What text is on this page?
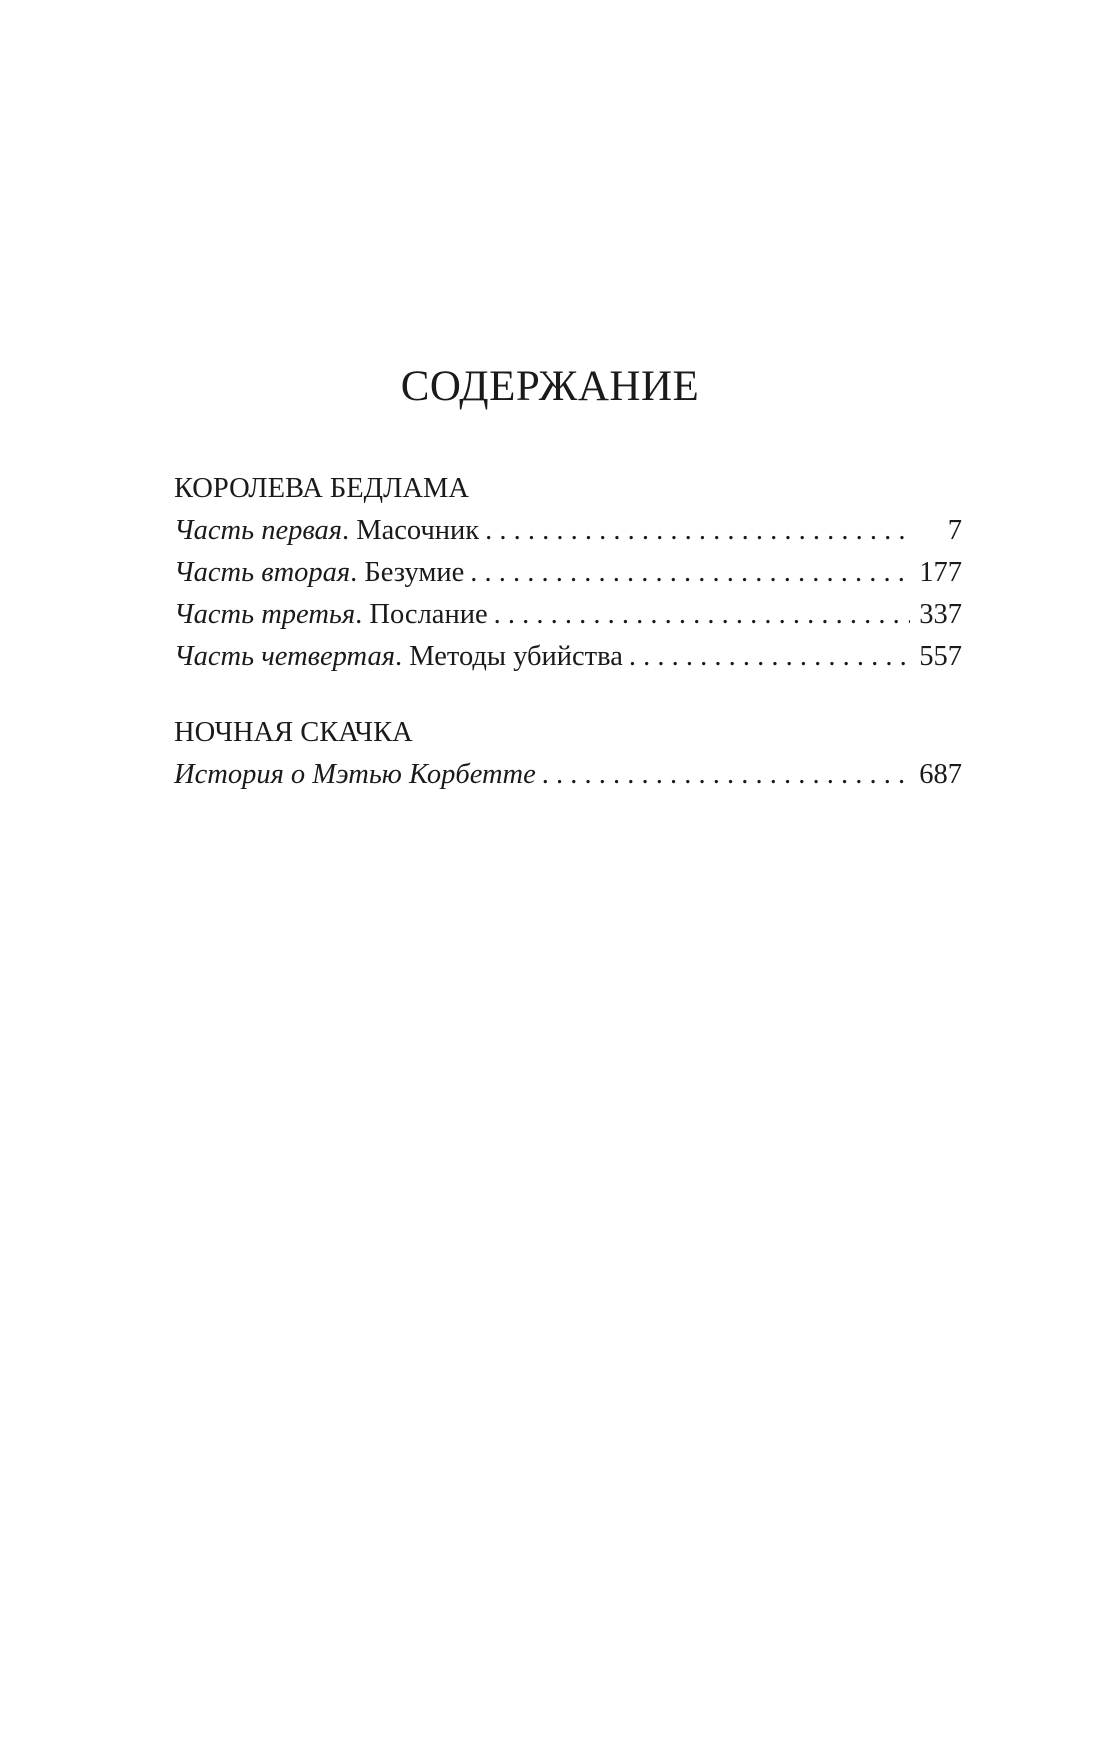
СОДЕРЖАНИЕ
КОРОЛЕВА БЕДЛАМА
Часть первая. Масочник . . .	7
Часть вторая. Безумие . . .	177
Часть третья. Послание . . .	337
Часть четвертая. Методы убийства . . .	557
НОЧНАЯ СКАЧКА
История о Мэтью Корбетте . . .	687
